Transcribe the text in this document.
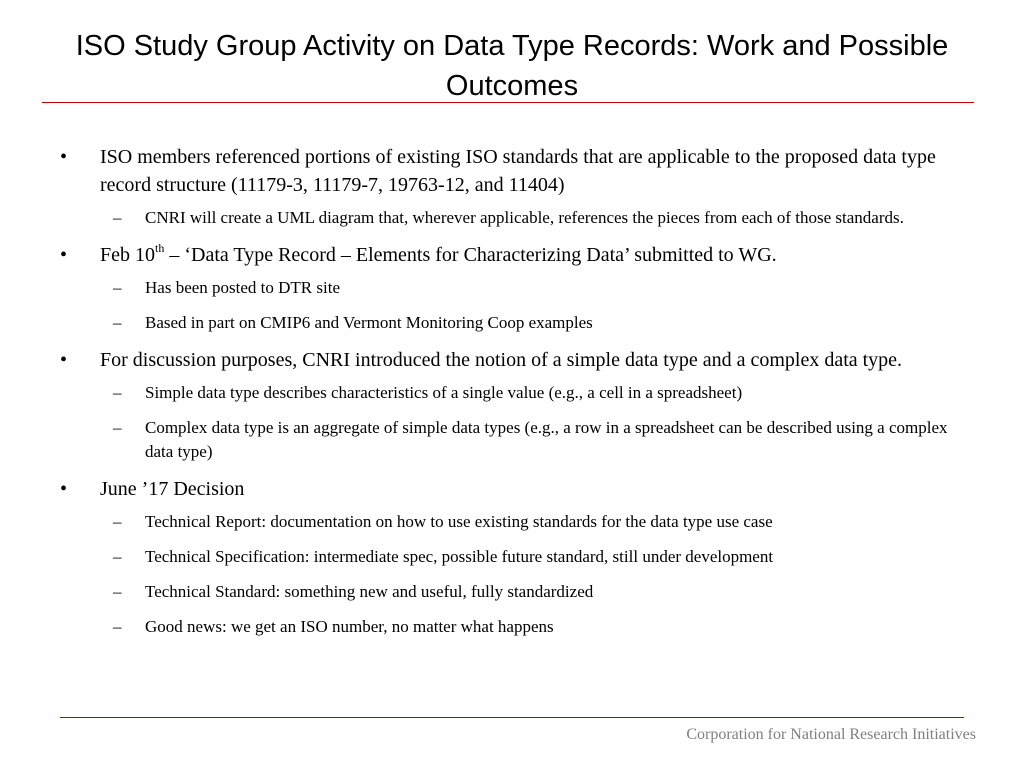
ISO Study Group Activity on Data Type Records: Work and Possible Outcomes
•	ISO members referenced portions of existing ISO standards that are applicable to the proposed data type record structure (11179-3, 11179-7, 19763-12, and 11404)
– CNRI will create a UML diagram that, wherever applicable, references the pieces from each of those standards.
•	Feb 10th – ‘Data Type Record – Elements for Characterizing Data’ submitted to WG.
– Has been posted to DTR site
– Based in part on CMIP6 and Vermont Monitoring Coop examples
•	For discussion purposes, CNRI introduced the notion of a simple data type and a complex data type.
– Simple data type describes characteristics of a single value (e.g., a cell in a spreadsheet)
– Complex data type is an aggregate of simple data types (e.g., a row in a spreadsheet can be described using a complex data type)
•	June ’17 Decision
– Technical Report: documentation on how to use existing standards for the data type use case
– Technical Specification: intermediate spec, possible future standard, still under development
– Technical Standard: something new and useful, fully standardized
– Good news: we get an ISO number, no matter what happens
Corporation for National Research Initiatives
